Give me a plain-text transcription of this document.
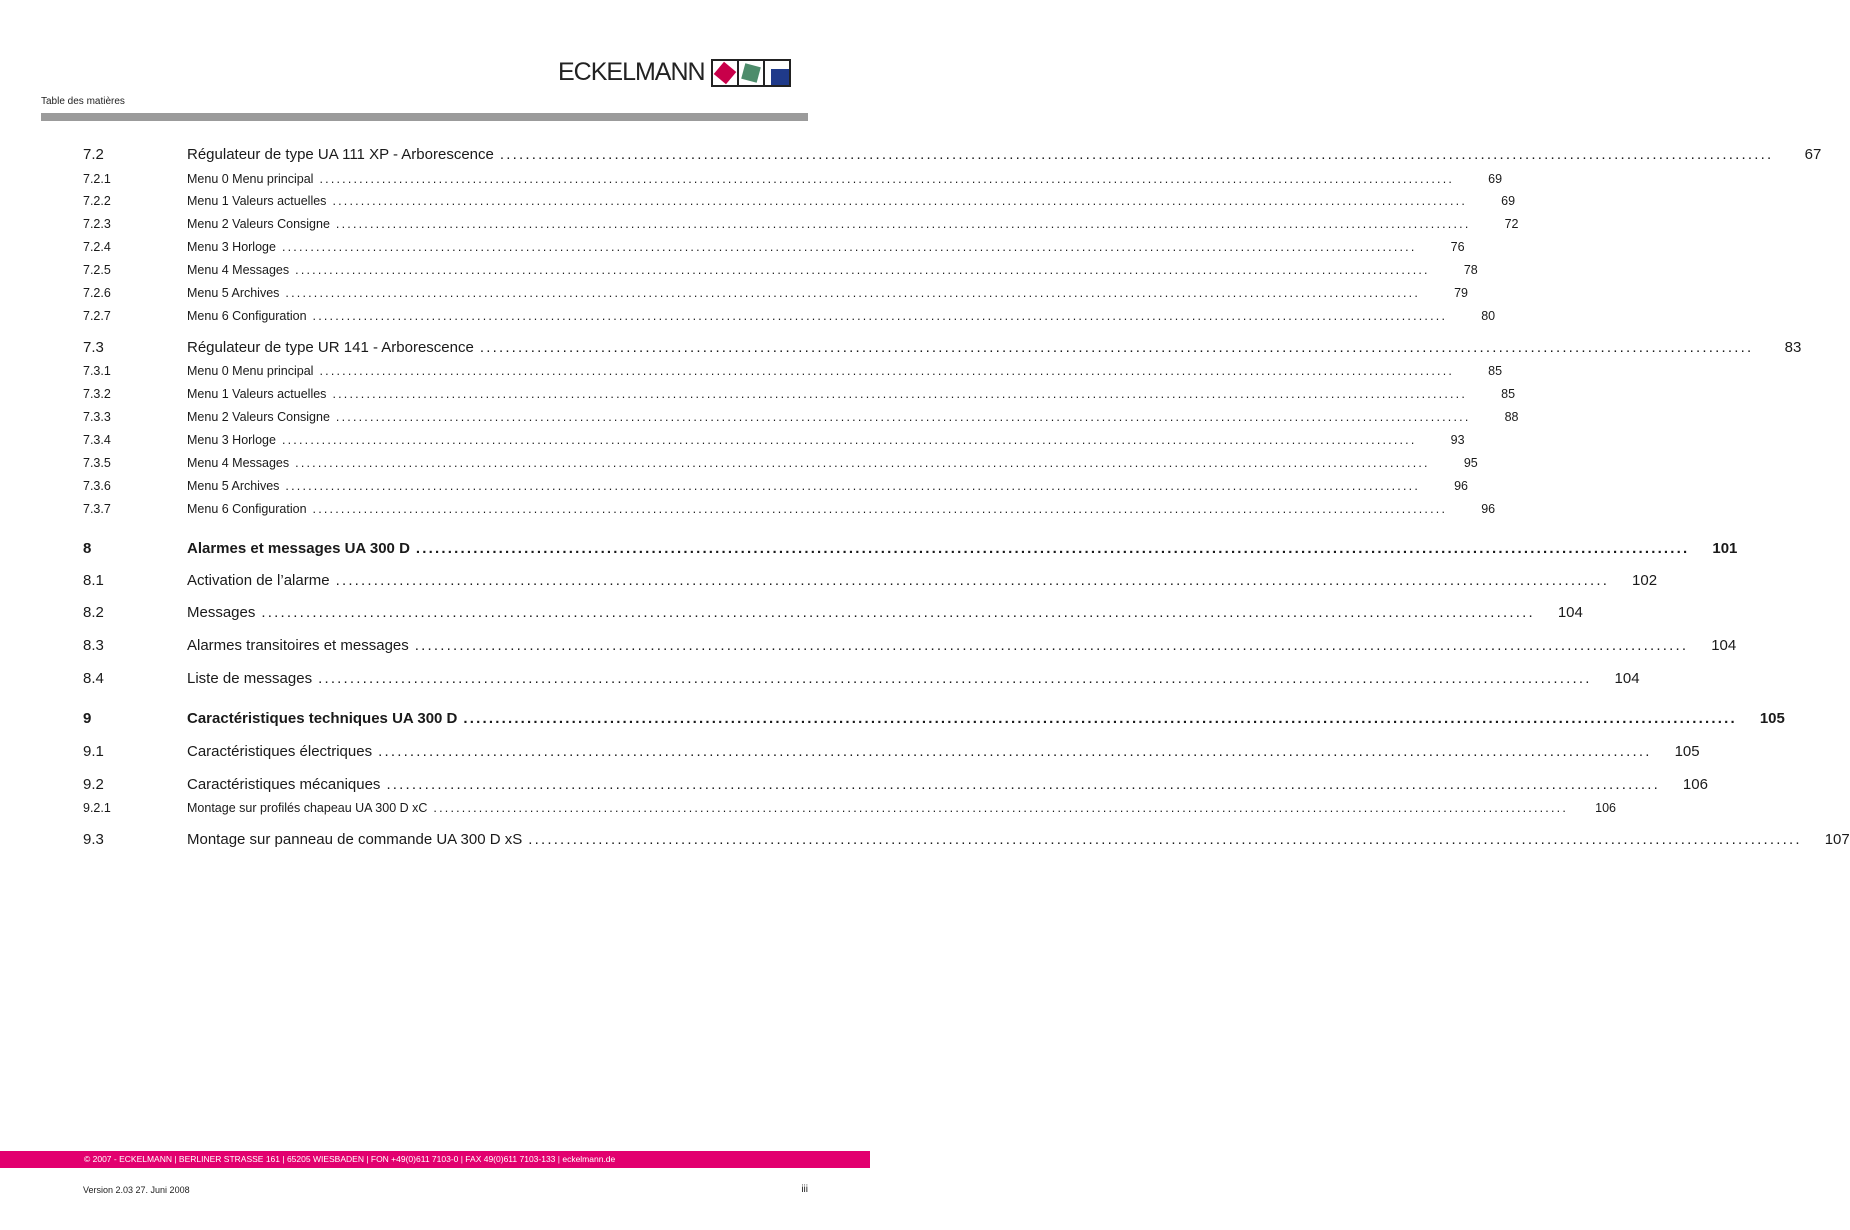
ECKELMANN
Table des matières
7.2	Régulateur de type UA 111 XP - Arborescence ........................................................................................................................................................................................................	67
7.2.1	Menu 0 Menu principal ........................................................................................................................................................................................................	69
7.2.2	Menu 1 Valeurs actuelles ........................................................................................................................................................................................................	69
7.2.3	Menu 2 Valeurs Consigne ........................................................................................................................................................................................................	72
7.2.4	Menu 3 Horloge ........................................................................................................................................................................................................	76
7.2.5	Menu 4 Messages ........................................................................................................................................................................................................	78
7.2.6	Menu 5 Archives ........................................................................................................................................................................................................	79
7.2.7	Menu 6 Configuration ........................................................................................................................................................................................................	80
7.3	Régulateur de type UR 141 - Arborescence ........................................................................................................................................................................................................	83
7.3.1	Menu 0 Menu principal ........................................................................................................................................................................................................	85
7.3.2	Menu 1 Valeurs actuelles ........................................................................................................................................................................................................	85
7.3.3	Menu 2 Valeurs Consigne ........................................................................................................................................................................................................	88
7.3.4	Menu 3 Horloge ........................................................................................................................................................................................................	93
7.3.5	Menu 4 Messages ........................................................................................................................................................................................................	95
7.3.6	Menu 5 Archives ........................................................................................................................................................................................................	96
7.3.7	Menu 6 Configuration ........................................................................................................................................................................................................	96
8	Alarmes et messages UA 300 D ........................................................................................................................................................................................................	101
8.1	Activation de l’alarme ........................................................................................................................................................................................................	102
8.2	Messages ........................................................................................................................................................................................................	104
8.3	Alarmes transitoires et messages ........................................................................................................................................................................................................	104
8.4	Liste de messages ........................................................................................................................................................................................................	104
9	Caractéristiques techniques UA 300 D ........................................................................................................................................................................................................	105
9.1	Caractéristiques électriques ........................................................................................................................................................................................................	105
9.2	Caractéristiques mécaniques ........................................................................................................................................................................................................	106
9.2.1	Montage sur profilés chapeau UA 300 D xC ........................................................................................................................................................................................................	106
9.3	Montage sur panneau de commande UA 300 D xS ........................................................................................................................................................................................................	107
© 2007 - ECKELMANN | BERLINER STRASSE 161 | 65205 WIESBADEN | FON +49(0)611 7103-0 | FAX 49(0)611 7103-133 | eckelmann.de
Version 2.03 27. Juni 2008	iii
